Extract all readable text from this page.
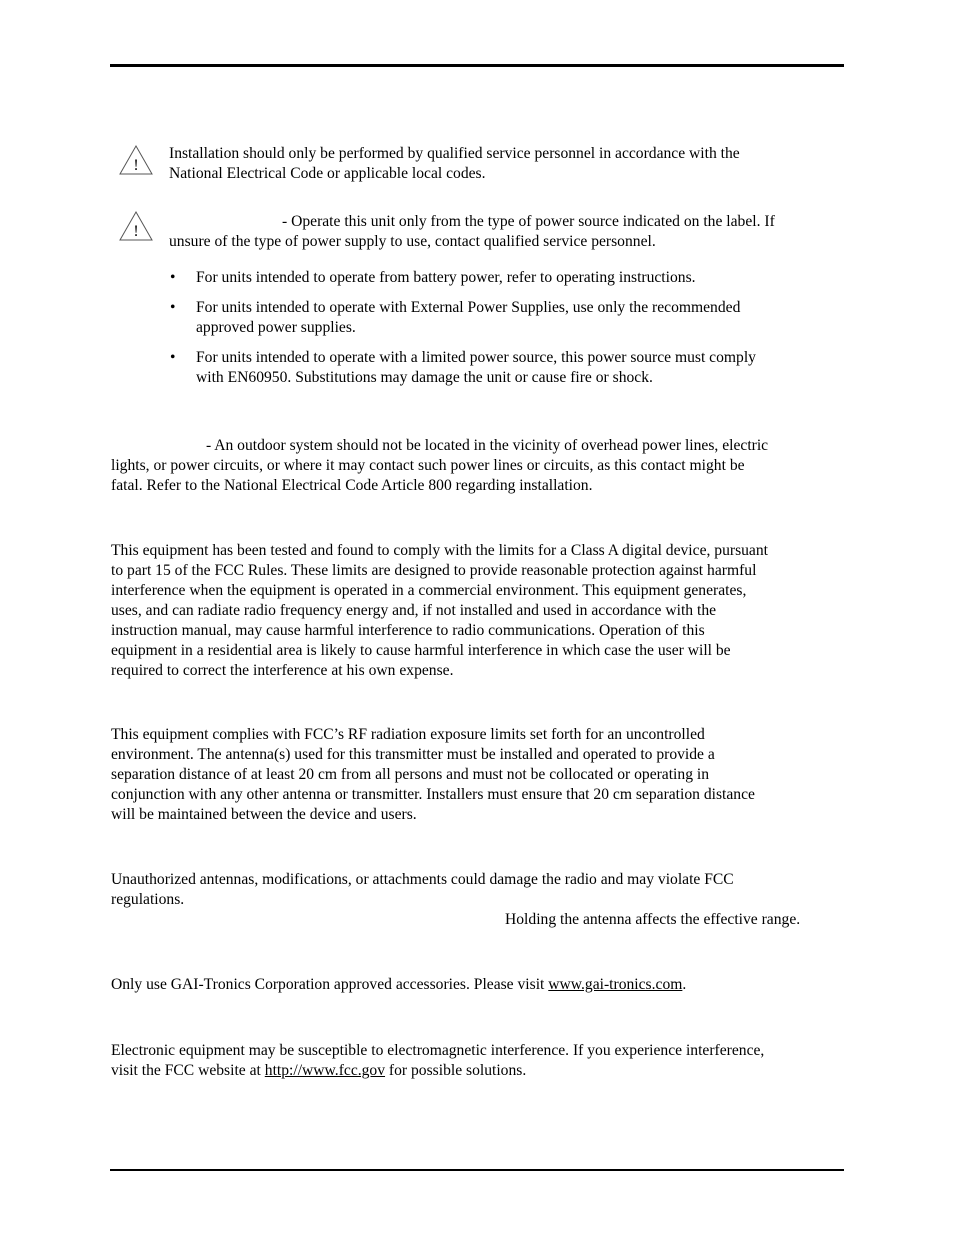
!
Installation should only be performed by qualified service personnel in accordance with the
National Electrical Code or applicable local codes.
!
- Operate this unit only from the type of power source indicated on the label. If
unsure of the type of power supply to use, contact qualified service personnel.
• For units intended to operate from battery power, refer to operating instructions.
• For units intended to operate with External Power Supplies, use only the recommended
approved power supplies.
• For units intended to operate with a limited power source, this power source must comply
with EN60950. Substitutions may damage the unit or cause fire or shock.
- An outdoor system should not be located in the vicinity of overhead power lines, electric
lights, or power circuits, or where it may contact such power lines or circuits, as this contact might be
fatal. Refer to the National Electrical Code Article 800 regarding installation.
This equipment has been tested and found to comply with the limits for a Class A digital device, pursuant
to part 15 of the FCC Rules. These limits are designed to provide reasonable protection against harmful
interference when the equipment is operated in a commercial environment. This equipment generates,
uses, and can radiate radio frequency energy and, if not installed and used in accordance with the
instruction manual, may cause harmful interference to radio communications. Operation of this
equipment in a residential area is likely to cause harmful interference in which case the user will be
required to correct the interference at his own expense.
This equipment complies with FCC’s RF radiation exposure limits set forth for an uncontrolled
environment. The antenna(s) used for this transmitter must be installed and operated to provide a
separation distance of at least 20 cm from all persons and must not be collocated or operating in
conjunction with any other antenna or transmitter. Installers must ensure that 20 cm separation distance
will be maintained between the device and users.
Unauthorized antennas, modifications, or attachments could damage the radio and may violate FCC
regulations.
Holding the antenna affects the effective range.
Only use GAI-Tronics Corporation approved accessories. Please visit www.gai-tronics.com.
Electronic equipment may be susceptible to electromagnetic interference. If you experience interference,
visit the FCC website at http://www.fcc.gov for possible solutions.
